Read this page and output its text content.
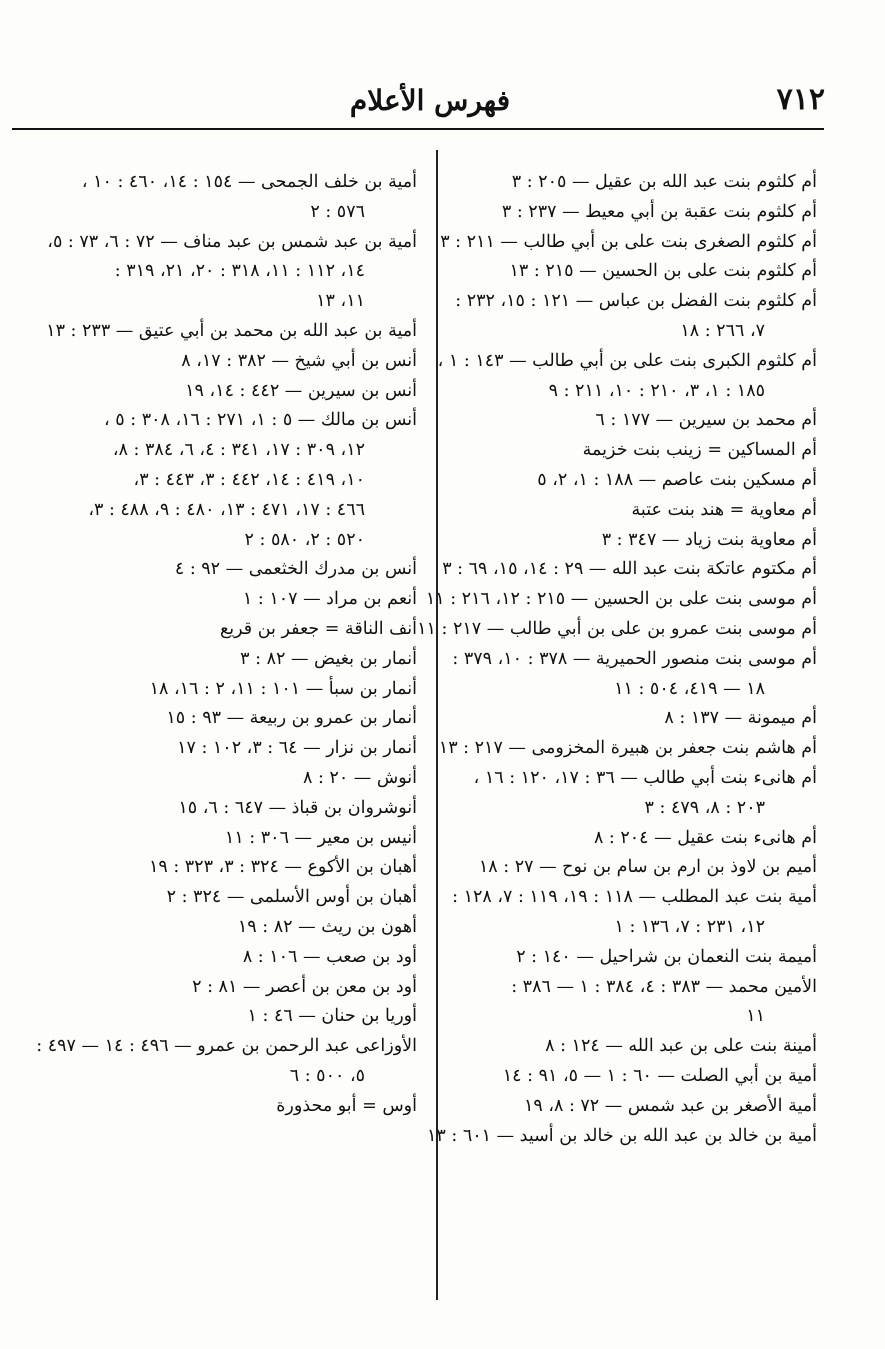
٧١٢
فهرس الأعلام
أم كلثوم بنت عبد الله بن عقيل — ٢٠٥ : ٣
أم كلثوم بنت عقبة بن أبي معيط — ٢٣٧ : ٣
أم كلثوم الصغرى بنت على بن أبي طالب — ٢١١ : ٣
أم كلثوم بنت على بن الحسين — ٢١٥ : ١٣
أم كلثوم بنت الفضل بن عباس — ١٢١ : ١٥، ٢٣٢ :
٧، ٢٦٦ : ١٨
أم كلثوم الكبرى بنت على بن أبي طالب — ١٤٣ : ١ ،
١٨٥ : ١، ٣، ٢١٠ : ١٠، ٢١١ : ٩
أم محمد بن سيرين — ١٧٧ : ٦
أم المساكين = زينب بنت خزيمة
أم مسكين بنت عاصم — ١٨٨ : ١، ٢، ٥
أم معاوية = هند بنت عتبة
أم معاوية بنت زياد — ٣٤٧ : ٣
أم مكتوم عاتكة بنت عبد الله — ٢٩ : ١٤، ١٥، ٦٩ : ٣
أم موسى بنت على بن الحسين — ٢١٥ : ١٢، ٢١٦ : ١١
أم موسى بنت عمرو بن على بن أبي طالب — ٢١٧ : ١١
أم موسى بنت منصور الحميرية — ٣٧٨ : ١٠، ٣٧٩ :
١٨ — ٤١٩، ٥٠٤ : ١١
أم ميمونة — ١٣٧ : ٨
أم هاشم بنت جعفر بن هبيرة المخزومى — ٢١٧ : ١٣
أم هانىء بنت أبي طالب — ٣٦ : ١٧، ١٢٠ : ١٦ ،
٢٠٣ : ٨، ٤٧٩ : ٣
أم هانىء بنت عقيل — ٢٠٤ : ٨
أميم بن لاوذ بن ارم بن سام بن نوح — ٢٧ : ١٨
أمية بنت عبد المطلب — ١١٨ : ١٩، ١١٩ : ٧، ١٢٨ :
١٢، ٢٣١ : ٧، ١٣٦ : ١
أميمة بنت النعمان بن شراحيل — ١٤٠ : ٢
الأمين محمد — ٣٨٣ : ٤، ٣٨٤ : ١ — ٣٨٦ :
١١
أمينة بنت على بن عبد الله — ١٢٤ : ٨
أمية بن أبي الصلت — ٦٠ : ١ — ٥، ٩١ : ١٤
أمية الأصغر بن عبد شمس — ٧٢ : ٨، ١٩
أمية بن خالد بن عبد الله بن خالد بن أسيد — ٦٠١ : ١٣
أمية بن خلف الجمحى — ١٥٤ : ١٤، ٤٦٠ : ١٠ ،
٥٧٦ : ٢
أمية بن عبد شمس بن عبد مناف — ٧٢ : ٦، ٧٣ : ٥،
١٤، ١١٢ : ١١، ٣١٨ : ٢٠، ٢١، ٣١٩ :
١١، ١٣
أمية بن عبد الله بن محمد بن أبي عتيق — ٢٣٣ : ١٣
أنس بن أبي شيخ — ٣٨٢ : ١٧، ٨
أنس بن سيرين — ٤٤٢ : ١٤، ١٩
أنس بن مالك — ٥ : ١، ٢٧١ : ١٦، ٣٠٨ : ٥ ،
١٢، ٣٠٩ : ١٧، ٣٤١ : ٤، ٦، ٣٨٤ : ٨،
١٠، ٤١٩ : ١٤، ٤٤٢ : ٣، ٤٤٣ : ٣،
٤٦٦ : ١٧، ٤٧١ : ١٣، ٤٨٠ : ٩، ٤٨٨ : ٣،
٥٢٠ : ٢، ٥٨٠ : ٢
أنس بن مدرك الخثعمى — ٩٢ : ٤
أنعم بن مراد — ١٠٧ : ١
أنف الناقة = جعفر بن قريع
أنمار بن بغيض — ٨٢ : ٣
أنمار بن سبأ — ١٠١ : ١١، ٢ : ١٦، ١٨
أنمار بن عمرو بن ربيعة — ٩٣ : ١٥
أنمار بن نزار — ٦٤ : ٣، ١٠٢ : ١٧
أنوش — ٢٠ : ٨
أنوشروان بن قباذ — ٦٤٧ : ٦، ١٥
أنيس بن معير — ٣٠٦ : ١١
أهبان بن الأكوع — ٣٢٤ : ٣، ٣٢٣ : ١٩
أهبان بن أوس الأسلمى — ٣٢٤ : ٢
أهون بن ريث — ٨٢ : ١٩
أود بن صعب — ١٠٦ : ٨
أود بن معن بن أعصر — ٨١ : ٢
أوريا بن حنان — ٤٦ : ١
الأوزاعى عبد الرحمن بن عمرو — ٤٩٦ : ١٤ — ٤٩٧ :
٥، ٥٠٠ : ٦
أوس = أبو محذورة
